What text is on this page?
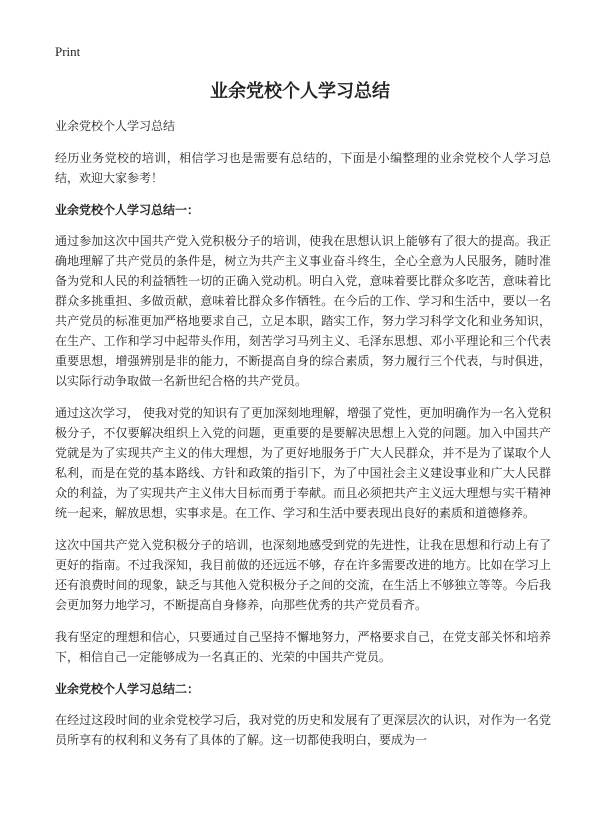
Print
业余党校个人学习总结

业余党校个人学习总结

经历业务党校的培训，相信学习也是需要有总结的，下面是小编整理的业余党校个人学习总结，欢迎大家参考！

业余党校个人学习总结一：

通过参加这次中国共产党入党积极分子的培训，使我在思想认识上能够有了很大的提高。我正确地理解了共产党员的条件是，树立为共产主义事业奋斗终生，全心全意为人民服务，随时准备为党和人民的利益牺牲一切的正确入党动机。明白入党，意味着要比群众多吃苦，意味着比群众多挑重担、多做贡献，意味着比群众多作牺牲。在今后的工作、学习和生活中，要以一名共产党员的标准更加严格地要求自己，立足本职，踏实工作，努力学习科学文化和业务知识，在生产、工作和学习中起带头作用，刻苦学习马列主义、毛泽东思想、邓小平理论和三个代表重要思想，增强辨别是非的能力，不断提高自身的综合素质，努力履行三个代表，与时俱进，以实际行动争取做一名新世纪合格的共产党员。

通过这次学习， 使我对党的知识有了更加深刻地理解，增强了党性，更加明确作为一名入党积极分子，不仅要解决组织上入党的问题，更重要的是要解决思想上入党的问题。加入中国共产党就是为了实现共产主义的伟大理想，为了更好地服务于广大人民群众，并不是为了谋取个人私利，而是在党的基本路线、方针和政策的指引下，为了中国社会主义建设事业和广大人民群众的利益，为了实现共产主义伟大目标而勇于奉献。而且必须把共产主义远大理想与实干精神统一起来，解放思想，实事求是。在工作、学习和生活中要表现出良好的素质和道德修养。

这次中国共产党入党积极分子的培训，也深刻地感受到党的先进性，让我在思想和行动上有了更好的指南。不过我深知，我目前做的还远远不够，存在许多需要改进的地方。比如在学习上还有浪费时间的现象，缺乏与其他入党积极分子之间的交流，在生活上不够独立等等。今后我会更加努力地学习，不断提高自身修养，向那些优秀的共产党员看齐。

我有坚定的理想和信心，只要通过自己坚持不懈地努力，严格要求自己，在党支部关怀和培养下，相信自己一定能够成为一名真正的、光荣的中国共产党员。

业余党校个人学习总结二：

在经过这段时间的业余党校学习后，我对党的历史和发展有了更深层次的认识，对作为一名党员所享有的权利和义务有了具体的了解。这一切都使我明白，要成为一
